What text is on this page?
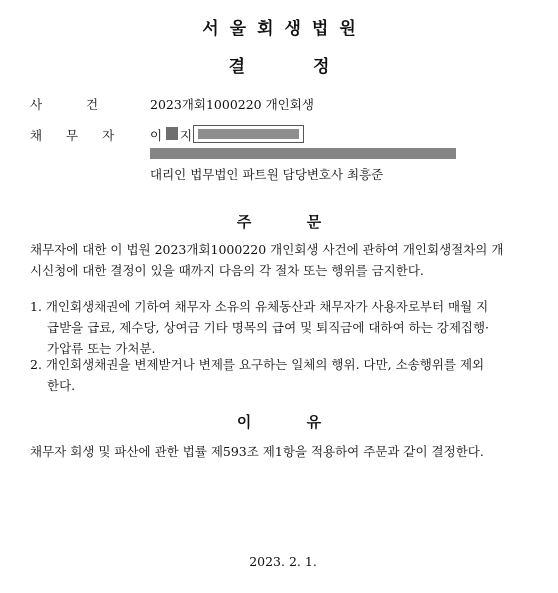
서울회생법원
결 정
사 건	2023개회1000220 개인회생
채 무 자	이 지
대리인 법무법인 파트원 담당변호사 최흥준
주 문
채무자에 대한 이 법원 2023개회1000220 개인회생 사건에 관하여 개인회생절차의 개
시신청에 대한 결정이 있을 때까지 다음의 각 절차 또는 행위를 금지한다.
1. 개인회생채권에 기하여 채무자 소유의 유체동산과 채무자가 사용자로부터 매월 지
급받을 급료, 제수당, 상여금 기타 명목의 급여 및 퇴직금에 대하여 하는 강제집행·
가압류 또는 가처분.
2. 개인회생채권을 변제받거나 변제를 요구하는 일체의 행위. 다만, 소송행위를 제외
한다.
이 유
채무자 회생 및 파산에 관한 법률 제593조 제1항을 적용하여 주문과 같이 결정한다.
2023. 2. 1.
